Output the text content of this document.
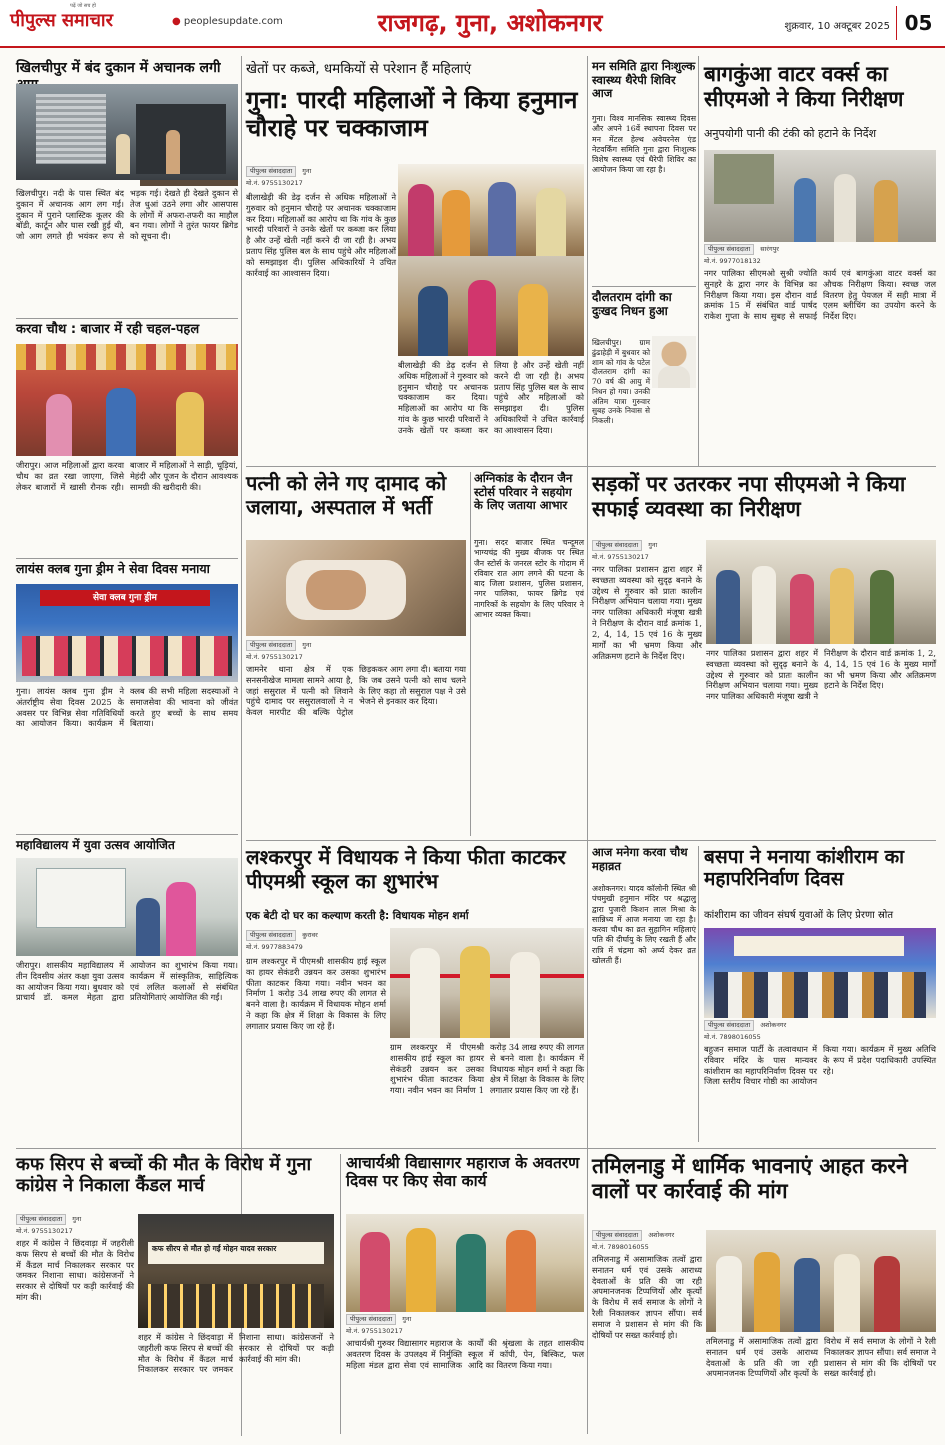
पीपुल्स समाचार
पढ़ें जो सच हो
● peoplesupdate.com	राजगढ़, गुना, अशोकनगर	शुक्रवार, 10 अक्टूबर 2025 05
खिलचीपुर में बंद दुकान में अचानक लगी
खिलचीपुर। नदी के पास स्थित बंद दुकान में अचानक आग लग गई। दुकान में पुराने प्लास्टिक कूलर की बॉडी, कार्टून और घास रखी हुई थी, जो आग लगते ही भयंकर रूप से भड़क गई। देखते ही देखते दुकान से तेज धुआं उठने लगा और आसपास के लोगों में अफरा-तफरी का माहौल बन गया। लोगों ने तुरंत फायर ब्रिगेड को सूचना दी।
करवा चौथ : बाजार में रही चहल-पहल
जीरापुर। आज महिलाओं द्वारा करवा चौथ का व्रत रखा जाएगा, जिसे लेकर बाजारों में खासी रौनक रही। बाजार में महिलाओं ने साड़ी, चूड़ियां, मेहंदी और पूजन के दौरान आवश्यक सामग्री की खरीदारी की।
लायंस क्लब गुना ड्रीम ने सेवा दिवस मनाया
सेवा क्लब गुना ड्रीम
गुना। लायंस क्लब गुना ड्रीम ने अंतर्राष्ट्रीय सेवा दिवस 2025 के अवसर पर विभिन्न सेवा गतिविधियों का आयोजन किया। कार्यक्रम में क्लब की सभी महिला सदस्याओं ने समाजसेवा की भावना को जीवंत करते हुए बच्चों के साथ समय बिताया।
महाविद्यालय में युवा उत्सव आयोजित
जीरापुर। शासकीय महाविद्यालय में तीन दिवसीय अंतर कक्षा युवा उत्सव का आयोजन किया गया। बुधवार को प्राचार्य डॉ. कमल मेहता द्वारा आयोजन का शुभारंभ किया गया। कार्यक्रम में सांस्कृतिक, साहित्यिक एवं ललित कलाओं से संबंधित प्रतियोगिताएं आयोजित की गईं।
खेतों पर कब्जे, धमकियों से परेशान हैं महिलाएं
गुना: पारदी महिलाओं ने किया हनुमान चौराहे पर चक्काजाम
पीपुल्स संवाददाता	गुना
मो.नं. 9755130217
बीलाखेड़ी की डेढ़ दर्जन से अधिक महिलाओं ने गुरुवार को हनुमान चौराहे पर अचानक चक्काजाम कर दिया। महिलाओं का आरोप था कि गांव के कुछ भारदी परिवारों ने उनके खेतों पर कब्जा कर लिया है और उन्हें खेती नहीं करने दी जा रही है। अभय प्रताप सिंह पुलिस बल के साथ पहुंचे और महिलाओं को समझाइश दी। पुलिस अधिकारियों ने उचित कार्रवाई का आश्वासन दिया।
बीलाखेड़ी की डेढ़ दर्जन से अधिक महिलाओं ने गुरुवार को हनुमान चौराहे पर अचानक चक्काजाम कर दिया। महिलाओं का आरोप था कि गांव के कुछ भारदी परिवारों ने उनके खेतों पर कब्जा कर लिया है और उन्हें खेती नहीं करने दी जा रही है। अभय प्रताप सिंह पुलिस बल के साथ पहुंचे और महिलाओं को समझाइश दी। पुलिस अधिकारियों ने उचित कार्रवाई का आश्वासन दिया।
मन समिति द्वारा निःशुल्क स्वास्थ्य थैरेपी शिविर आज
गुना। विश्व मानसिक स्वास्थ्य दिवस और अपने 16वें स्थापना दिवस पर मन मेंटल हेल्थ अवेयरनेस एंड नेटवर्किंग समिति गुना द्वारा निःशुल्क विशेष स्वास्थ्य एवं थैरेपी शिविर का आयोजन किया जा रहा है।
दौलतराम दांगी का दुःखद निधन हुआ
खिलचीपुर। ग्राम ढुंढाहेड़ी में बुधवार को शाम को गांव के पटेल दौलतराम दांगी का 70 वर्ष की आयु में निधन हो गया। उनकी अंतिम यात्रा गुरुवार सुबह उनके निवास से निकली।
बागकुंआ वाटर वर्क्स का सीएमओ ने किया निरीक्षण
अनुपयोगी पानी की टंकी को हटाने के निर्देश
पीपुल्स संवाददाता	सारंगपुर
मो.नं. 9977018132
नगर पालिका सीएमओ सुश्री ज्योति सुनहरे के द्वारा नगर के विभिन्न का निरीक्षण किया गया। इस दौरान वार्ड क्रमांक 15 में संबंधित वार्ड पार्षद राकेश गुप्ता के साथ सुबह से सफाई कार्य एवं बागकुंआ वाटर वर्क्स का औचक निरीक्षण किया। स्वच्छ जल वितरण हेतु पेयजल में सही मात्रा में एलम ब्लीचिंग का उपयोग करने के निर्देश दिए।
पत्नी को लेने गए दामाद को जलाया, अस्पताल में भर्ती
पीपुल्स संवाददाता	गुना
मो.नं. 9755130217
जामनेर थाना क्षेत्र में एक सनसनीखेज मामला सामने आया है, जहां ससुराल में पत्नी को लिवाने पहुंचे दामाद पर ससुरालवालों ने न केवल मारपीट की बल्कि पेट्रोल छिड़ककर आग लगा दी। बताया गया कि जब उसने पत्नी को साथ चलने के लिए कहा तो ससुराल पक्ष ने उसे भेजने से इनकार कर दिया।
अग्निकांड के दौरान जैन स्टोर्स परिवार ने सहयोग के लिए जताया आभार
गुना। सदर बाजार स्थित चन्दूमल भाग्यचंद्र की मुख्य बीजक पर स्थित जैन स्टोर्स के जनरल स्टोर के गोदाम में रविवार रात आग लगने की घटना के बाद जिला प्रशासन, पुलिस प्रशासन, नगर पालिका, फायर ब्रिगेड एवं नागरिकों के सहयोग के लिए परिवार ने आभार व्यक्त किया।
सड़कों पर उतरकर नपा सीएमओ ने किया सफाई व्यवस्था का निरीक्षण
पीपुल्स संवाददाता	गुना
मो.नं. 9755130217
नगर पालिका प्रशासन द्वारा शहर में स्वच्छता व्यवस्था को सुदृढ़ बनाने के उद्देश्य से गुरुवार को प्रातः कालीन निरीक्षण अभियान चलाया गया। मुख्य नगर पालिका अधिकारी मंजूषा खत्री ने निरीक्षण के दौरान वार्ड क्रमांक 1, 2, 4, 14, 15 एवं 16 के मुख्य मार्गों का भी भ्रमण किया और अतिक्रमण हटाने के निर्देश दिए।	नगर पालिका प्रशासन द्वारा शहर में स्वच्छता व्यवस्था को सुदृढ़ बनाने के उद्देश्य से गुरुवार को प्रातः कालीन निरीक्षण अभियान चलाया गया। मुख्य नगर पालिका अधिकारी मंजूषा खत्री ने निरीक्षण के दौरान वार्ड क्रमांक 1, 2, 4, 14, 15 एवं 16 के मुख्य मार्गों का भी भ्रमण किया और अतिक्रमण हटाने के निर्देश दिए।
लश्करपुर में विधायक ने किया फीता काटकर पीएमश्री स्कूल का शुभारंभ
एक बेटी दो घर का कल्याण करती है: विधायक मोहन शर्मा
पीपुल्स संवाददाता	कुरावर
मो.नं. 9977883479
ग्राम लश्करपुर में पीएमश्री शासकीय हाई स्कूल का हायर सेकंडरी उन्नयन कर उसका शुभारंभ फीता काटकर किया गया। नवीन भवन का निर्माण 1 करोड़ 34 लाख रुपए की लागत से बनने वाला है। कार्यक्रम में विधायक मोहन शर्मा ने कहा कि क्षेत्र में शिक्षा के विकास के लिए लगातार प्रयास किए जा रहे हैं।
ग्राम लश्करपुर में पीएमश्री शासकीय हाई स्कूल का हायर सेकंडरी उन्नयन कर उसका शुभारंभ फीता काटकर किया गया। नवीन भवन का निर्माण 1 करोड़ 34 लाख रुपए की लागत से बनने वाला है। कार्यक्रम में विधायक मोहन शर्मा ने कहा कि क्षेत्र में शिक्षा के विकास के लिए लगातार प्रयास किए जा रहे हैं।
आज मनेगा करवा चौथ महाव्रत
अशोकनगर। यादव कॉलोनी स्थित श्री पंचमुखी हनुमान मंदिर पर श्रद्धालु द्वारा पुजारी किशन लाल मिश्रा के सान्निध्य में आज मनाया जा रहा है। करवा चौथ का व्रत सुहागिन महिलाएं पति की दीर्घायु के लिए रखती हैं और रात्रि में चंद्रमा को अर्घ्य देकर व्रत खोलती हैं।
बसपा ने मनाया कांशीराम का महापरिनिर्वाण दिवस
कांशीराम का जीवन संघर्ष युवाओं के लिए प्रेरणा स्रोत
पीपुल्स संवाददाता	अशोकनगर
मो.नं. 7898016055
बहुजन समाज पार्टी के तत्वावधान में रविवार मंदिर के पास मान्यवर कांशीराम का महापरिनिर्वाण दिवस पर जिला स्तरीय विचार गोष्ठी का आयोजन किया गया। कार्यक्रम में मुख्य अतिथि के रूप में प्रदेश पदाधिकारी उपस्थित रहे।
कफ सिरप से बच्चों की मौत के विरोध में गुना कांग्रेस ने निकाला कैंडल मार्च
पीपुल्स संवाददाता	गुना
मो.नं. 9755130217
कफ सीरप से मौत हो गईं मोहन यादव सरकार
शहर में कांग्रेस ने छिंदवाड़ा में जहरीली कफ सिरप से बच्चों की मौत के विरोध में कैंडल मार्च निकालकर सरकार पर जमकर निशाना साधा। कांग्रेसजनों ने सरकार से दोषियों पर कड़ी कार्रवाई की मांग की।
शहर में कांग्रेस ने छिंदवाड़ा में जहरीली कफ सिरप से बच्चों की मौत के विरोध में कैंडल मार्च निकालकर सरकार पर जमकर निशाना साधा। कांग्रेसजनों ने सरकार से दोषियों पर कड़ी कार्रवाई की मांग की।
आचार्यश्री विद्यासागर महाराज के अवतरण दिवस पर किए सेवा कार्य
पीपुल्स संवाददाता	गुना
मो.नं. 9755130217
आचार्यश्री गुरुवर विद्यासागर महाराज के अवतरण दिवस के उपलक्ष्य में निर्मुक्ति महिला मंडल द्वारा सेवा एवं सामाजिक कार्यों की श्रृंखला के तहत शासकीय स्कूल में कॉपी, पेन, बिस्किट, फल आदि का वितरण किया गया।
तमिलनाडु में धार्मिक भावनाएं आहत करने वालों पर कार्रवाई की मांग
पीपुल्स संवाददाता	अशोकनगर
मो.नं. 7898016055
तमिलनाडु में असामाजिक तत्वों द्वारा सनातन धर्म एवं उसके आराध्य देवताओं के प्रति की जा रही अपमानजनक टिप्पणियों और कृत्यों के विरोध में सर्व समाज के लोगों ने रैली निकालकर ज्ञापन सौंपा। सर्व समाज ने प्रशासन से मांग की कि दोषियों पर सख्त कार्रवाई हो।
तमिलनाडु में असामाजिक तत्वों द्वारा सनातन धर्म एवं उसके आराध्य देवताओं के प्रति की जा रही अपमानजनक टिप्पणियों और कृत्यों के विरोध में सर्व समाज के लोगों ने रैली निकालकर ज्ञापन सौंपा। सर्व समाज ने प्रशासन से मांग की कि दोषियों पर सख्त कार्रवाई हो।
